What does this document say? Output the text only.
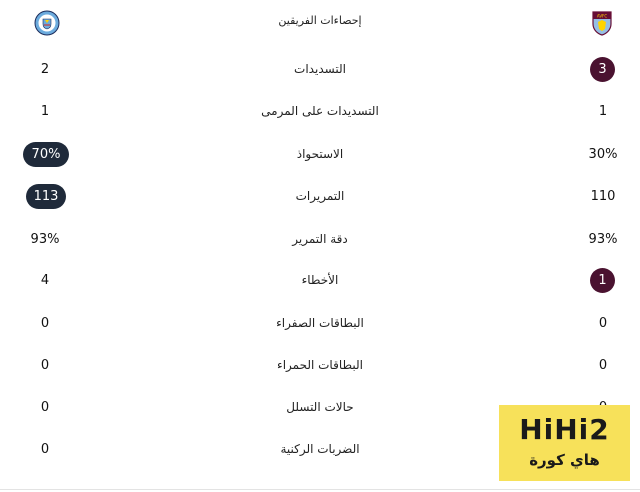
AVFC
إحصاءات الفريقين
3
التسديدات
2
1
التسديدات على المرمى
1
30%
الاستحواذ
70%
110
التمريرات
113
93%
دقة التمرير
93%
1
الأخطاء
4
0
البطاقات الصفراء
0
0
البطاقات الحمراء
0
حالات التسلل
0
الضربات الركنية
0
HiHi2
هاي كورة
